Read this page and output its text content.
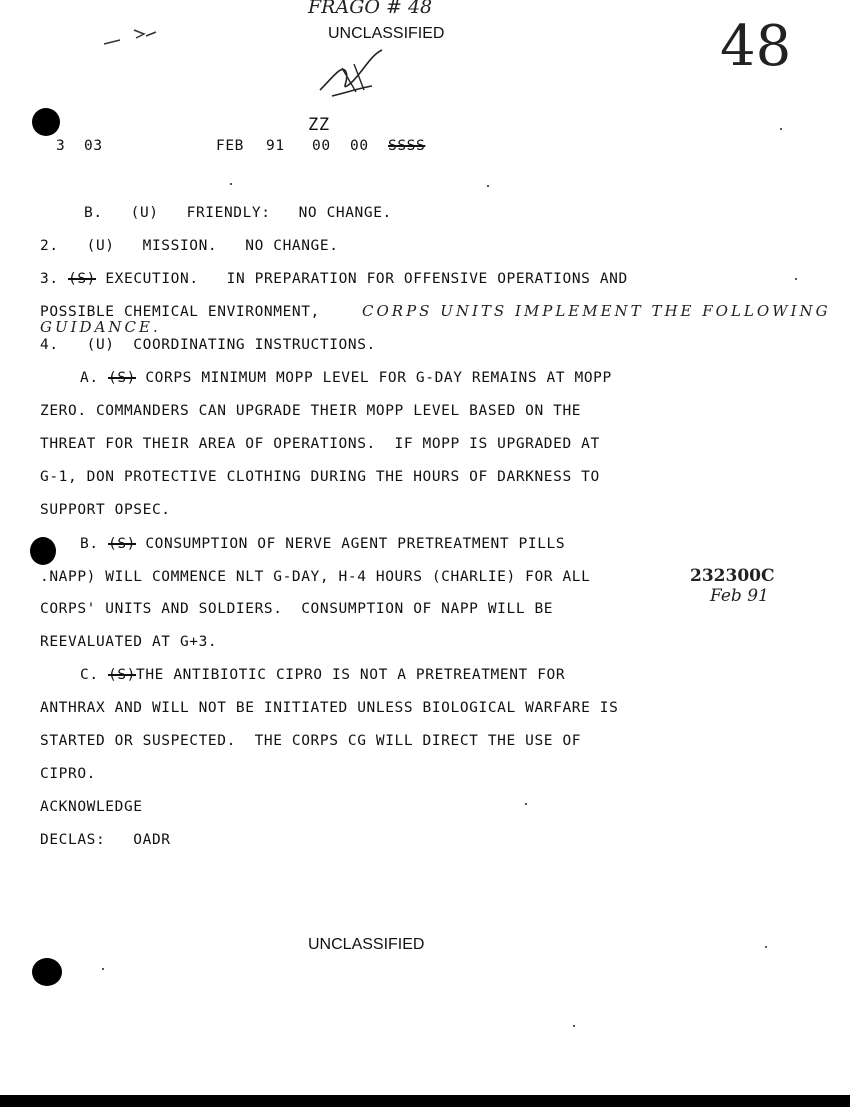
FRAGO # 48
UNCLASSIFIED	48
ZZ
3 03	FEB 91 00 00 SSSS
B.   (U)   FRIENDLY:   NO CHANGE.
2.   (U)   MISSION.   NO CHANGE.
3. (S) EXECUTION.   IN PREPARATION FOR OFFENSIVE OPERATIONS AND
POSSIBLE CHEMICAL ENVIRONMENT,	CORPS UNITS IMPLEMENT THE FOLLOWING
GUIDANCE.
4.   (U)  COORDINATING INSTRUCTIONS.
A. (S) CORPS MINIMUM MOPP LEVEL FOR G-DAY REMAINS AT MOPP
ZERO. COMMANDERS CAN UPGRADE THEIR MOPP LEVEL BASED ON THE
THREAT FOR THEIR AREA OF OPERATIONS.  IF MOPP IS UPGRADED AT
G-1, DON PROTECTIVE CLOTHING DURING THE HOURS OF DARKNESS TO
SUPPORT OPSEC.
B. (S) CONSUMPTION OF NERVE AGENT PRETREATMENT PILLS
.NAPP) WILL COMMENCE NLT G-DAY, H-4 HOURS (CHARLIE) FOR ALL
CORPS' UNITS AND SOLDIERS.  CONSUMPTION OF NAPP WILL BE
REEVALUATED AT G+3.
232300C
Feb 91
C. (S)THE ANTIBIOTIC CIPRO IS NOT A PRETREATMENT FOR
ANTHRAX AND WILL NOT BE INITIATED UNLESS BIOLOGICAL WARFARE IS
STARTED OR SUSPECTED.  THE CORPS CG WILL DIRECT THE USE OF
CIPRO.
ACKNOWLEDGE
DECLAS:   OADR
UNCLASSIFIED
